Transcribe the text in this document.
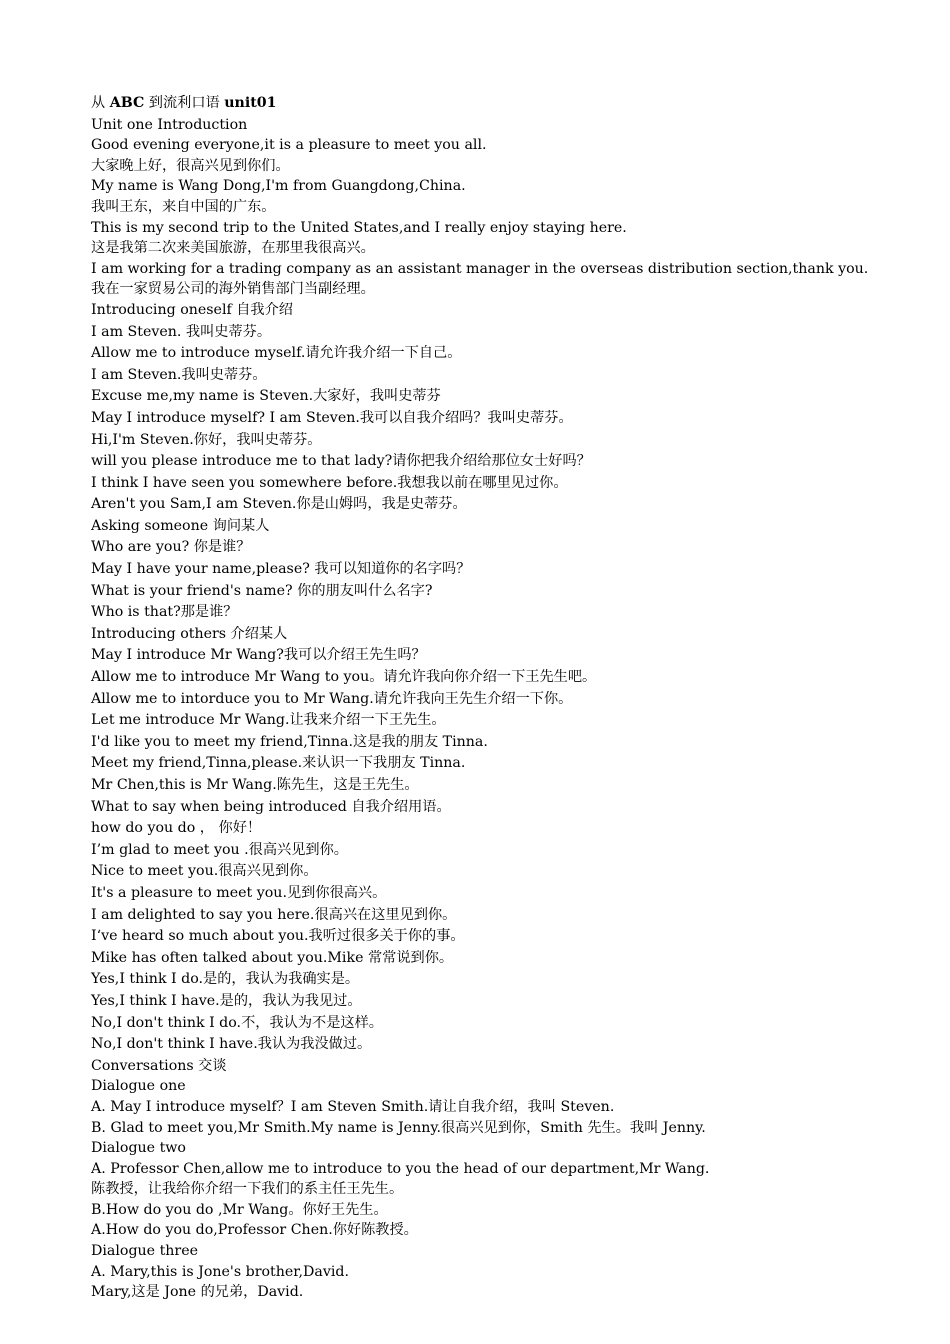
从 ABC 到流利口语 unit01
Unit one Introduction
Good evening everyone,it is a pleasure to meet you all.
大家晚上好，很高兴见到你们。
My name is Wang Dong,I'm from Guangdong,China.
我叫王东，来自中国的广东。
This is my second trip to the United States,and I really enjoy staying here.
这是我第二次来美国旅游，在那里我很高兴。
I am working for a trading company as an assistant manager in the overseas distribution section,thank you.
我在一家贸易公司的海外销售部门当副经理。
Introducing oneself 自我介绍
I am Steven. 我叫史蒂芬。
Allow me to introduce myself.请允许我介绍一下自己。
I am Steven.我叫史蒂芬。
Excuse me,my name is Steven.大家好，我叫史蒂芬
May I introduce myself? I am Steven.我可以自我介绍吗？我叫史蒂芬。
Hi,I'm Steven.你好，我叫史蒂芬。
will you please introduce me to that lady?请你把我介绍给那位女士好吗？
I think I have seen you somewhere before.我想我以前在哪里见过你。
Aren't you Sam,I am Steven.你是山姆吗，我是史蒂芬。
Asking someone 询问某人
Who are you? 你是谁？
May I have your name,please? 我可以知道你的名字吗？
What is your friend's name? 你的朋友叫什么名字?
Who is that?那是谁？
Introducing others 介绍某人
May I introduce Mr Wang?我可以介绍王先生吗？
Allow me to introduce Mr Wang to you。请允许我向你介绍一下王先生吧。
Allow me to intorduce you to Mr Wang.请允许我向王先生介绍一下你。
Let me introduce Mr Wang.让我来介绍一下王先生。
I'd like you to meet my friend,Tinna.这是我的朋友 Tinna.
Meet my friend,Tinna,please.来认识一下我朋友 Tinna.
Mr Chen,this is Mr Wang.陈先生，这是王先生。
What to say when being introduced 自我介绍用语。
how do you do ， 你好！
I’m glad to meet you .很高兴见到你。
Nice to meet you.很高兴见到你。
It's a pleasure to meet you.见到你很高兴。
I am delighted to say you here.很高兴在这里见到你。
I‘ve heard so much about you.我听过很多关于你的事。
Mike has often talked about you.Mike 常常说到你。
Yes,I think I do.是的，我认为我确实是。
Yes,I think I have.是的，我认为我见过。
No,I don't think I do.不，我认为不是这样。
No,I don't think I have.我认为我没做过。
Conversations 交谈
Dialogue one
A. May I introduce myself？I am Steven Smith.请让自我介绍，我叫 Steven.
B. Glad to meet you,Mr Smith.My name is Jenny.很高兴见到你，Smith 先生。我叫 Jenny.
Dialogue two
A. Professor Chen,allow me to introduce to you the head of our department,Mr Wang.
陈教授，让我给你介绍一下我们的系主任王先生。
B.How do you do ,Mr Wang。你好王先生。
A.How do you do,Professor Chen.你好陈教授。
Dialogue three
A. Mary,this is Jone's brother,David.
Mary,这是 Jone 的兄弟，David.
